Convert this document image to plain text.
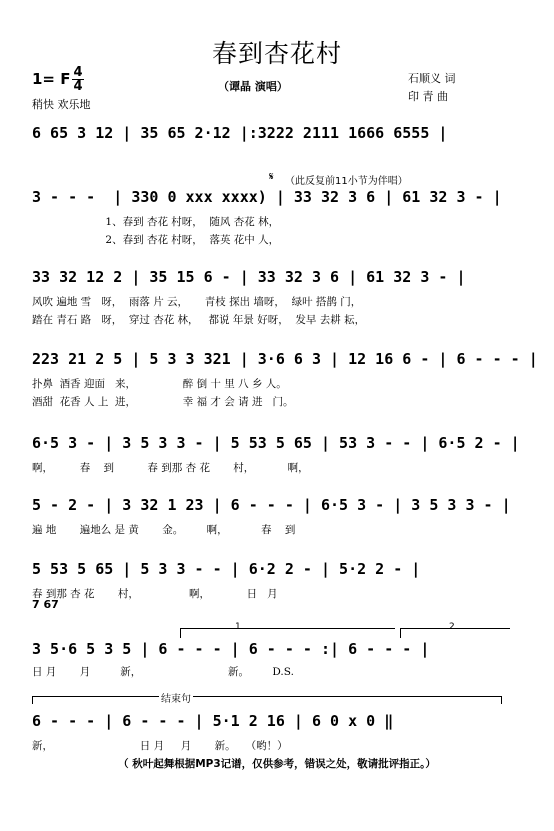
春到杏花村
1= F $\frac{4}{4}$
稍快 欢乐地
（谭晶 演唱）
石顺义 词
印 青 曲
6 65 3 12 | 35 65 2·12 |:3222 2111 1666 6555 |
𝄋 （此反复前11小节为伴唱）
3 - - -  | 330 0 xxx xxxx) | 33 32 3 6 | 61 32 3 - |
1、春到 杏花 村呀，  随风 杏花 林，
2、春到 杏花 村呀，  落英 花中 人，
33 32 12 2 | 35 15 6 - | 33 32 3 6 | 61 32 3 - |
风吹 遍地 雪   呀，  雨落 片 云，     青枝 探出 墙呀，  绿叶 搭鹊 门，
踏在 青石 路   呀，  穿过 杏花 林，   都说 年景 好呀，  发早 去耕 耘，
223 21 2 5 | 5 3 3 321 | 3·6 6 3 | 12 16 6 - | 6 - - - |
扑鼻  酒香 迎面   来，              醉 倒 十 里 八 乡 人。
酒甜  花香 人 上  进，              幸 福 才 会 请 进   门。
6·5 3 - | 3 5 3 3 - | 5 53 5 65 | 53 3 - - | 6·5 2 - |
啊，        春    到          春 到那 杏 花       村，          啊，
5 - 2 - | 3 32 1 23 | 6 - - - | 6·5 3 - | 3 5 3 3 - |
遍 地       遍地么 是 黄       金。       啊，          春    到
5 53 5 65 | 5 3 3 - - | 6·2 2 - | 5·2 2 - |
春 到那 杏 花       村，               啊，           日   月
7 67
1	2
3 5·6 5 3 5 | 6 - - - | 6 - - - :| 6 - - - |
日 月       月         新，                          新。       D.S.
结束句
6 - - - | 6 - - - | 5·1 2 16 | 6 0 x 0 ‖
新，                          日 月     月       新。   （哟！）
（ 秋叶起舞根据MP3记谱，仅供参考，错误之处，敬请批评指正。）
